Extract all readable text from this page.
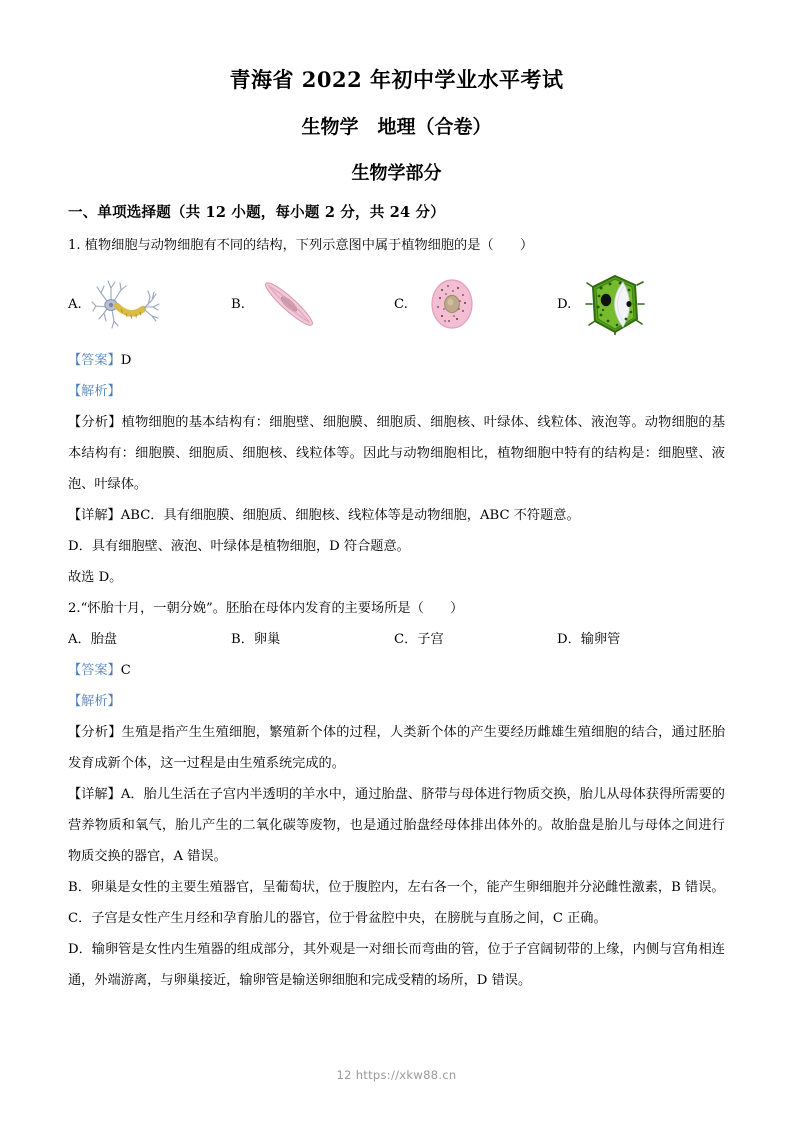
青海省 2022 年初中学业水平考试
生物学　地理（合卷）
生物学部分

一、单项选择题（共 12 小题，每小题 2 分，共 24 分）

1. 植物细胞与动物细胞有不同的结构，下列示意图中属于植物细胞的是（　　）

A.	B.	C.	D.

【答案】D

【解析】

【分析】植物细胞的基本结构有：细胞壁、细胞膜、细胞质、细胞核、叶绿体、线粒体、液泡等。动物细胞的基本结构有：细胞膜、细胞质、细胞核、线粒体等。因此与动物细胞相比，植物细胞中特有的结构是：细胞壁、液泡、叶绿体。

【详解】ABC．具有细胞膜、细胞质、细胞核、线粒体等是动物细胞，ABC 不符题意。

D．具有细胞壁、液泡、叶绿体是植物细胞，D 符合题意。

故选 D。

2.“怀胎十月，一朝分娩”。胚胎在母体内发育的主要场所是（　　）

A．胎盘	B．卵巢	C．子宫	D．输卵管

【答案】C

【解析】

【分析】生殖是指产生生殖细胞，繁殖新个体的过程，人类新个体的产生要经历雌雄生殖细胞的结合，通过胚胎发育成新个体，这一过程是由生殖系统完成的。

【详解】A．胎儿生活在子宫内半透明的羊水中，通过胎盘、脐带与母体进行物质交换，胎儿从母体获得所需要的营养物质和氧气，胎儿产生的二氧化碳等废物，也是通过胎盘经母体排出体外的。故胎盘是胎儿与母体之间进行物质交换的器官，A 错误。

B．卵巢是女性的主要生殖器官，呈葡萄状，位于腹腔内，左右各一个，能产生卵细胞并分泌雌性激素，B 错误。

C．子宫是女性产生月经和孕育胎儿的器官，位于骨盆腔中央，在膀胱与直肠之间，C 正确。

D．输卵管是女性内生殖器的组成部分，其外观是一对细长而弯曲的管，位于子宫阔韧带的上缘，内侧与宫角相连通，外端游离，与卵巢接近，输卵管是输送卵细胞和完成受精的场所，D 错误。

12 https://xkw88.cn
